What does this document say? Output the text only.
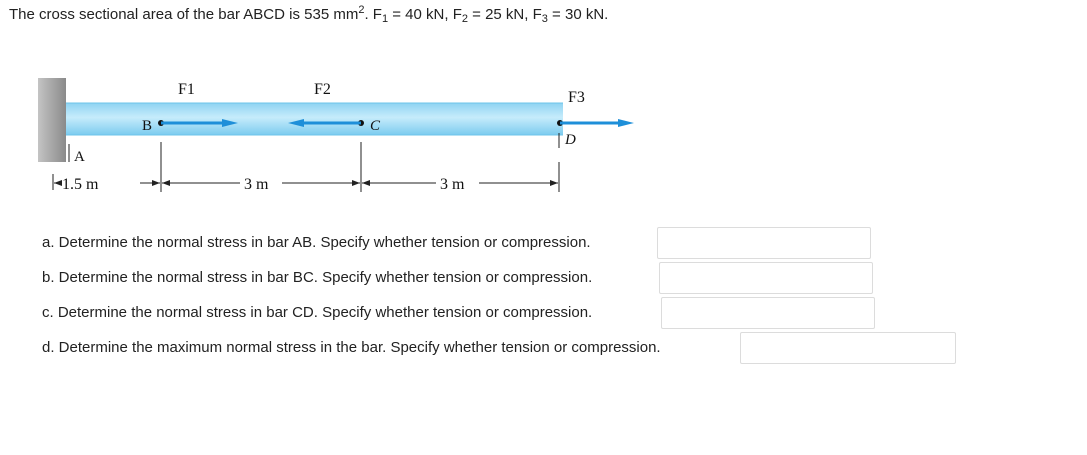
The cross sectional area of the bar ABCD is 535 $mm^2$. $F_1 = 40$ kN, $F_2 = 25$ kN, $F_3 = 30$ kN.
A
B
F1
C
F2	F3
D
1.5 m	3 m	3 m
a. Determine the normal stress in bar AB. Specify whether tension or compression.
b. Determine the normal stress in bar BC. Specify whether tension or compression.
c. Determine the normal stress in bar CD. Specify whether tension or compression.
d. Determine the maximum normal stress in the bar. Specify whether tension or compression.
